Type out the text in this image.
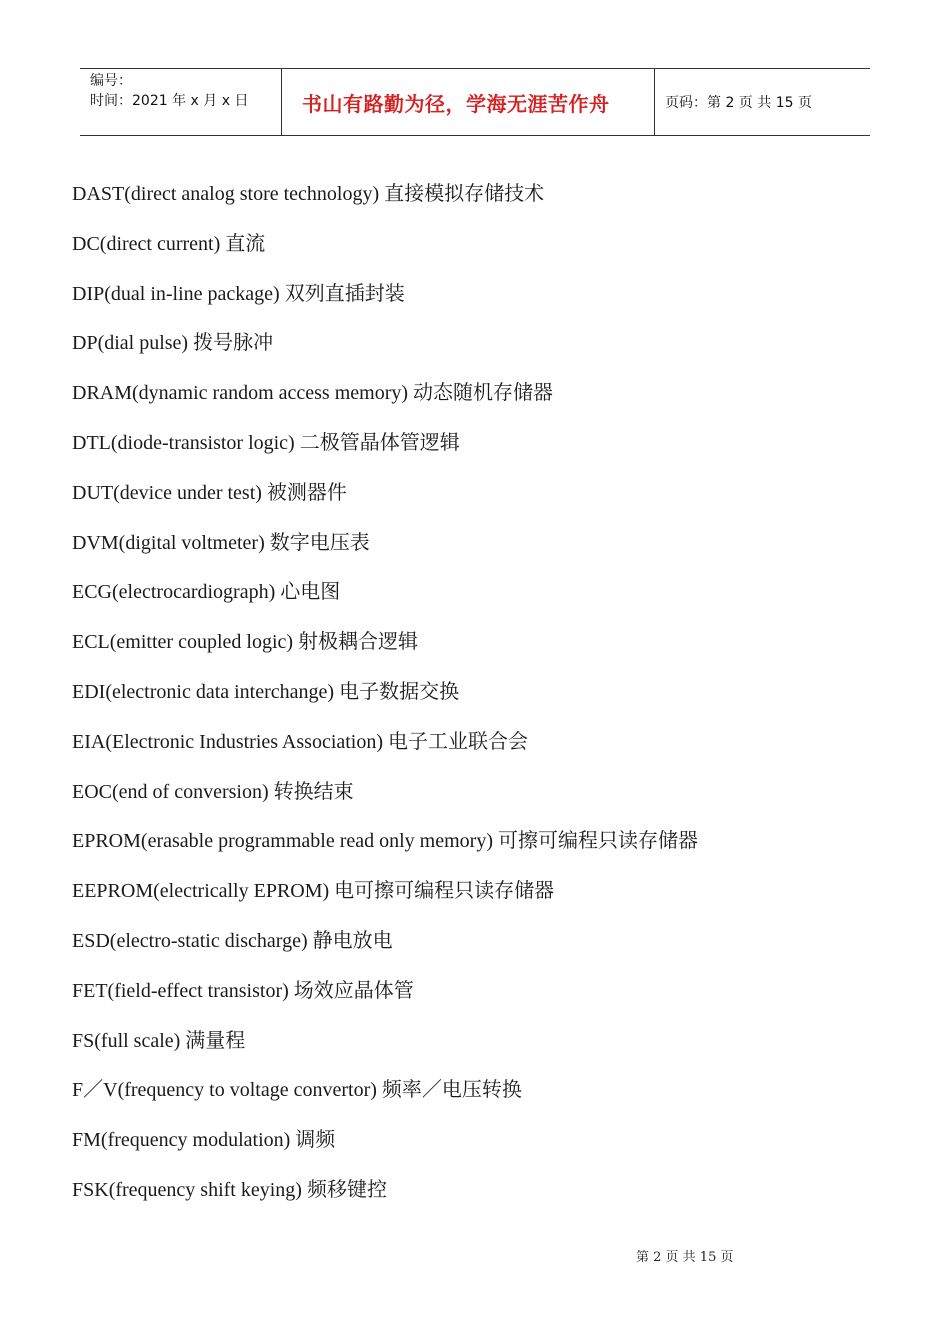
编号：
时间：2021 年 x 月 x 日	书山有路勤为径，学海无涯苦作舟	页码：第 2 页 共 15 页
DAST(direct analog store technology) 直接模拟存储技术
DC(direct current) 直流
DIP(dual in-line package) 双列直插封装
DP(dial pulse) 拨号脉冲
DRAM(dynamic random access memory) 动态随机存储器
DTL(diode-transistor logic) 二极管晶体管逻辑
DUT(device under test) 被测器件
DVM(digital voltmeter) 数字电压表
ECG(electrocardiograph) 心电图
ECL(emitter coupled logic) 射极耦合逻辑
EDI(electronic data interchange) 电子数据交换
EIA(Electronic Industries Association) 电子工业联合会
EOC(end of conversion) 转换结束
EPROM(erasable programmable read only memory) 可擦可编程只读存储器
EEPROM(electrically EPROM) 电可擦可编程只读存储器
ESD(electro-static discharge) 静电放电
FET(field-effect transistor) 场效应晶体管
FS(full scale) 满量程
F／V(frequency to voltage convertor) 频率／电压转换
FM(frequency modulation) 调频
FSK(frequency shift keying) 频移键控
第 2 页 共 15 页
